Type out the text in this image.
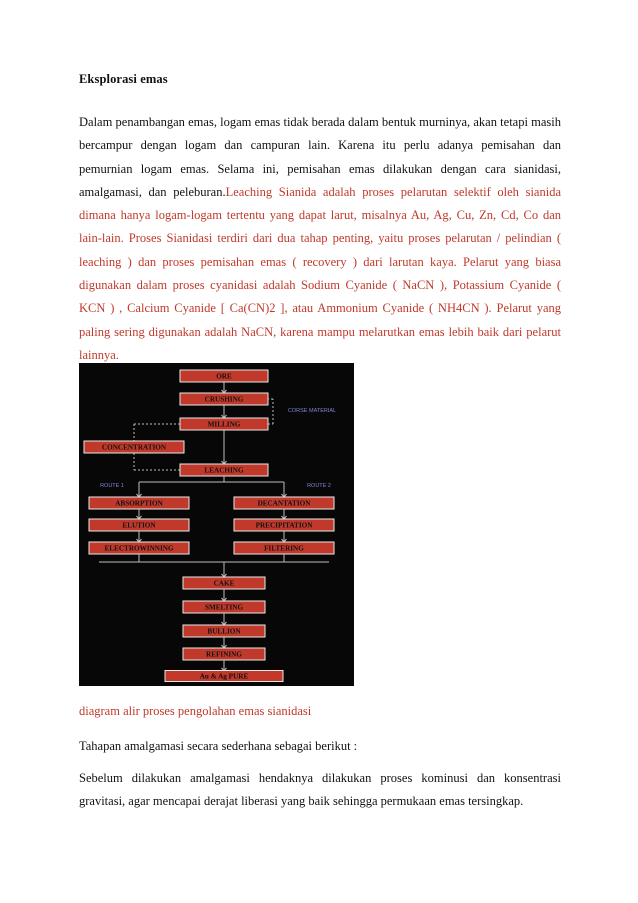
Eksplorasi emas

Dalam penambangan emas, logam emas tidak berada dalam bentuk murninya, akan tetapi masih bercampur dengan logam dan campuran lain. Karena itu perlu adanya pemisahan dan pemurnian logam emas. Selama ini, pemisahan emas dilakukan dengan cara sianidasi, amalgamasi, dan peleburan.Leaching Sianida adalah proses pelarutan selektif oleh sianida dimana hanya logam-logam tertentu yang dapat larut, misalnya Au, Ag, Cu, Zn, Cd, Co dan lain-lain. Proses Sianidasi terdiri dari dua tahap penting, yaitu proses pelarutan / pelindian ( leaching ) dan proses pemisahan emas ( recovery ) dari larutan kaya. Pelarut yang biasa digunakan dalam proses cyanidasi adalah Sodium Cyanide ( NaCN ), Potassium Cyanide ( KCN ) , Calcium Cyanide [ Ca(CN)2 ], atau Ammonium Cyanide ( NH4CN ). Pelarut yang paling sering digunakan adalah NaCN, karena mampu melarutkan emas lebih baik dari pelarut lainnya.

CORSE MATERIAL
ORE
CRUSHING
MILLING
LEACHING
CONCENTRATION
ROUTE 1	ROUTE 2
ABSORPTION
ELUTION
ELECTROWINNING
DECANTATION
PRECIPITATION
FILTERING
CAKE
SMELTING
BULLION
REFINING
Au & Ag PURE
diagram alir proses pengolahan emas sianidasi
Tahapan amalgamasi secara sederhana sebagai berikut :

Sebelum dilakukan amalgamasi hendaknya dilakukan proses kominusi dan konsentrasi gravitasi, agar mencapai derajat liberasi yang baik sehingga permukaan emas tersingkap.
